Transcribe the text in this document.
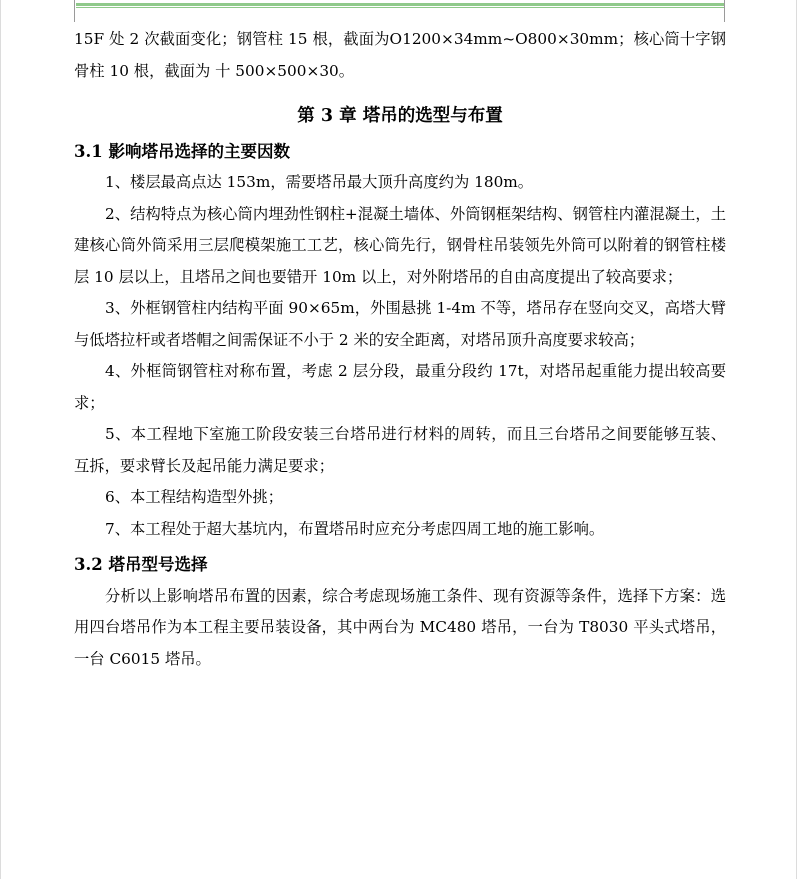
15F 处 2 次截面变化；钢管柱 15 根，截面为O1200×34mm~O800×30mm；核心筒十字钢骨柱 10 根，截面为 十 500×500×30。

第 3 章 塔吊的选型与布置

3.1 影响塔吊选择的主要因数

1、楼层最高点达 153m，需要塔吊最大顶升高度约为 180m。

2、结构特点为核心筒内埋劲性钢柱+混凝土墙体、外筒钢框架结构、钢管柱内灌混凝土，土建核心筒外筒采用三层爬模架施工工艺，核心筒先行，钢骨柱吊装领先外筒可以附着的钢管柱楼层 10 层以上，且塔吊之间也要错开 10m 以上，对外附塔吊的自由高度提出了较高要求；

3、外框钢管柱内结构平面 90×65m，外围悬挑 1-4m 不等，塔吊存在竖向交叉，高塔大臂与低塔拉杆或者塔帽之间需保证不小于 2 米的安全距离，对塔吊顶升高度要求较高；

4、外框筒钢管柱对称布置，考虑 2 层分段，最重分段约 17t，对塔吊起重能力提出较高要求；

5、本工程地下室施工阶段安装三台塔吊进行材料的周转，而且三台塔吊之间要能够互装、互拆，要求臂长及起吊能力满足要求；

6、本工程结构造型外挑；

7、本工程处于超大基坑内，布置塔吊时应充分考虑四周工地的施工影响。

3.2 塔吊型号选择

分析以上影响塔吊布置的因素，综合考虑现场施工条件、现有资源等条件，选择下方案：选用四台塔吊作为本工程主要吊装设备，其中两台为 MC480 塔吊，一台为 T8030 平头式塔吊，一台 C6015 塔吊。
